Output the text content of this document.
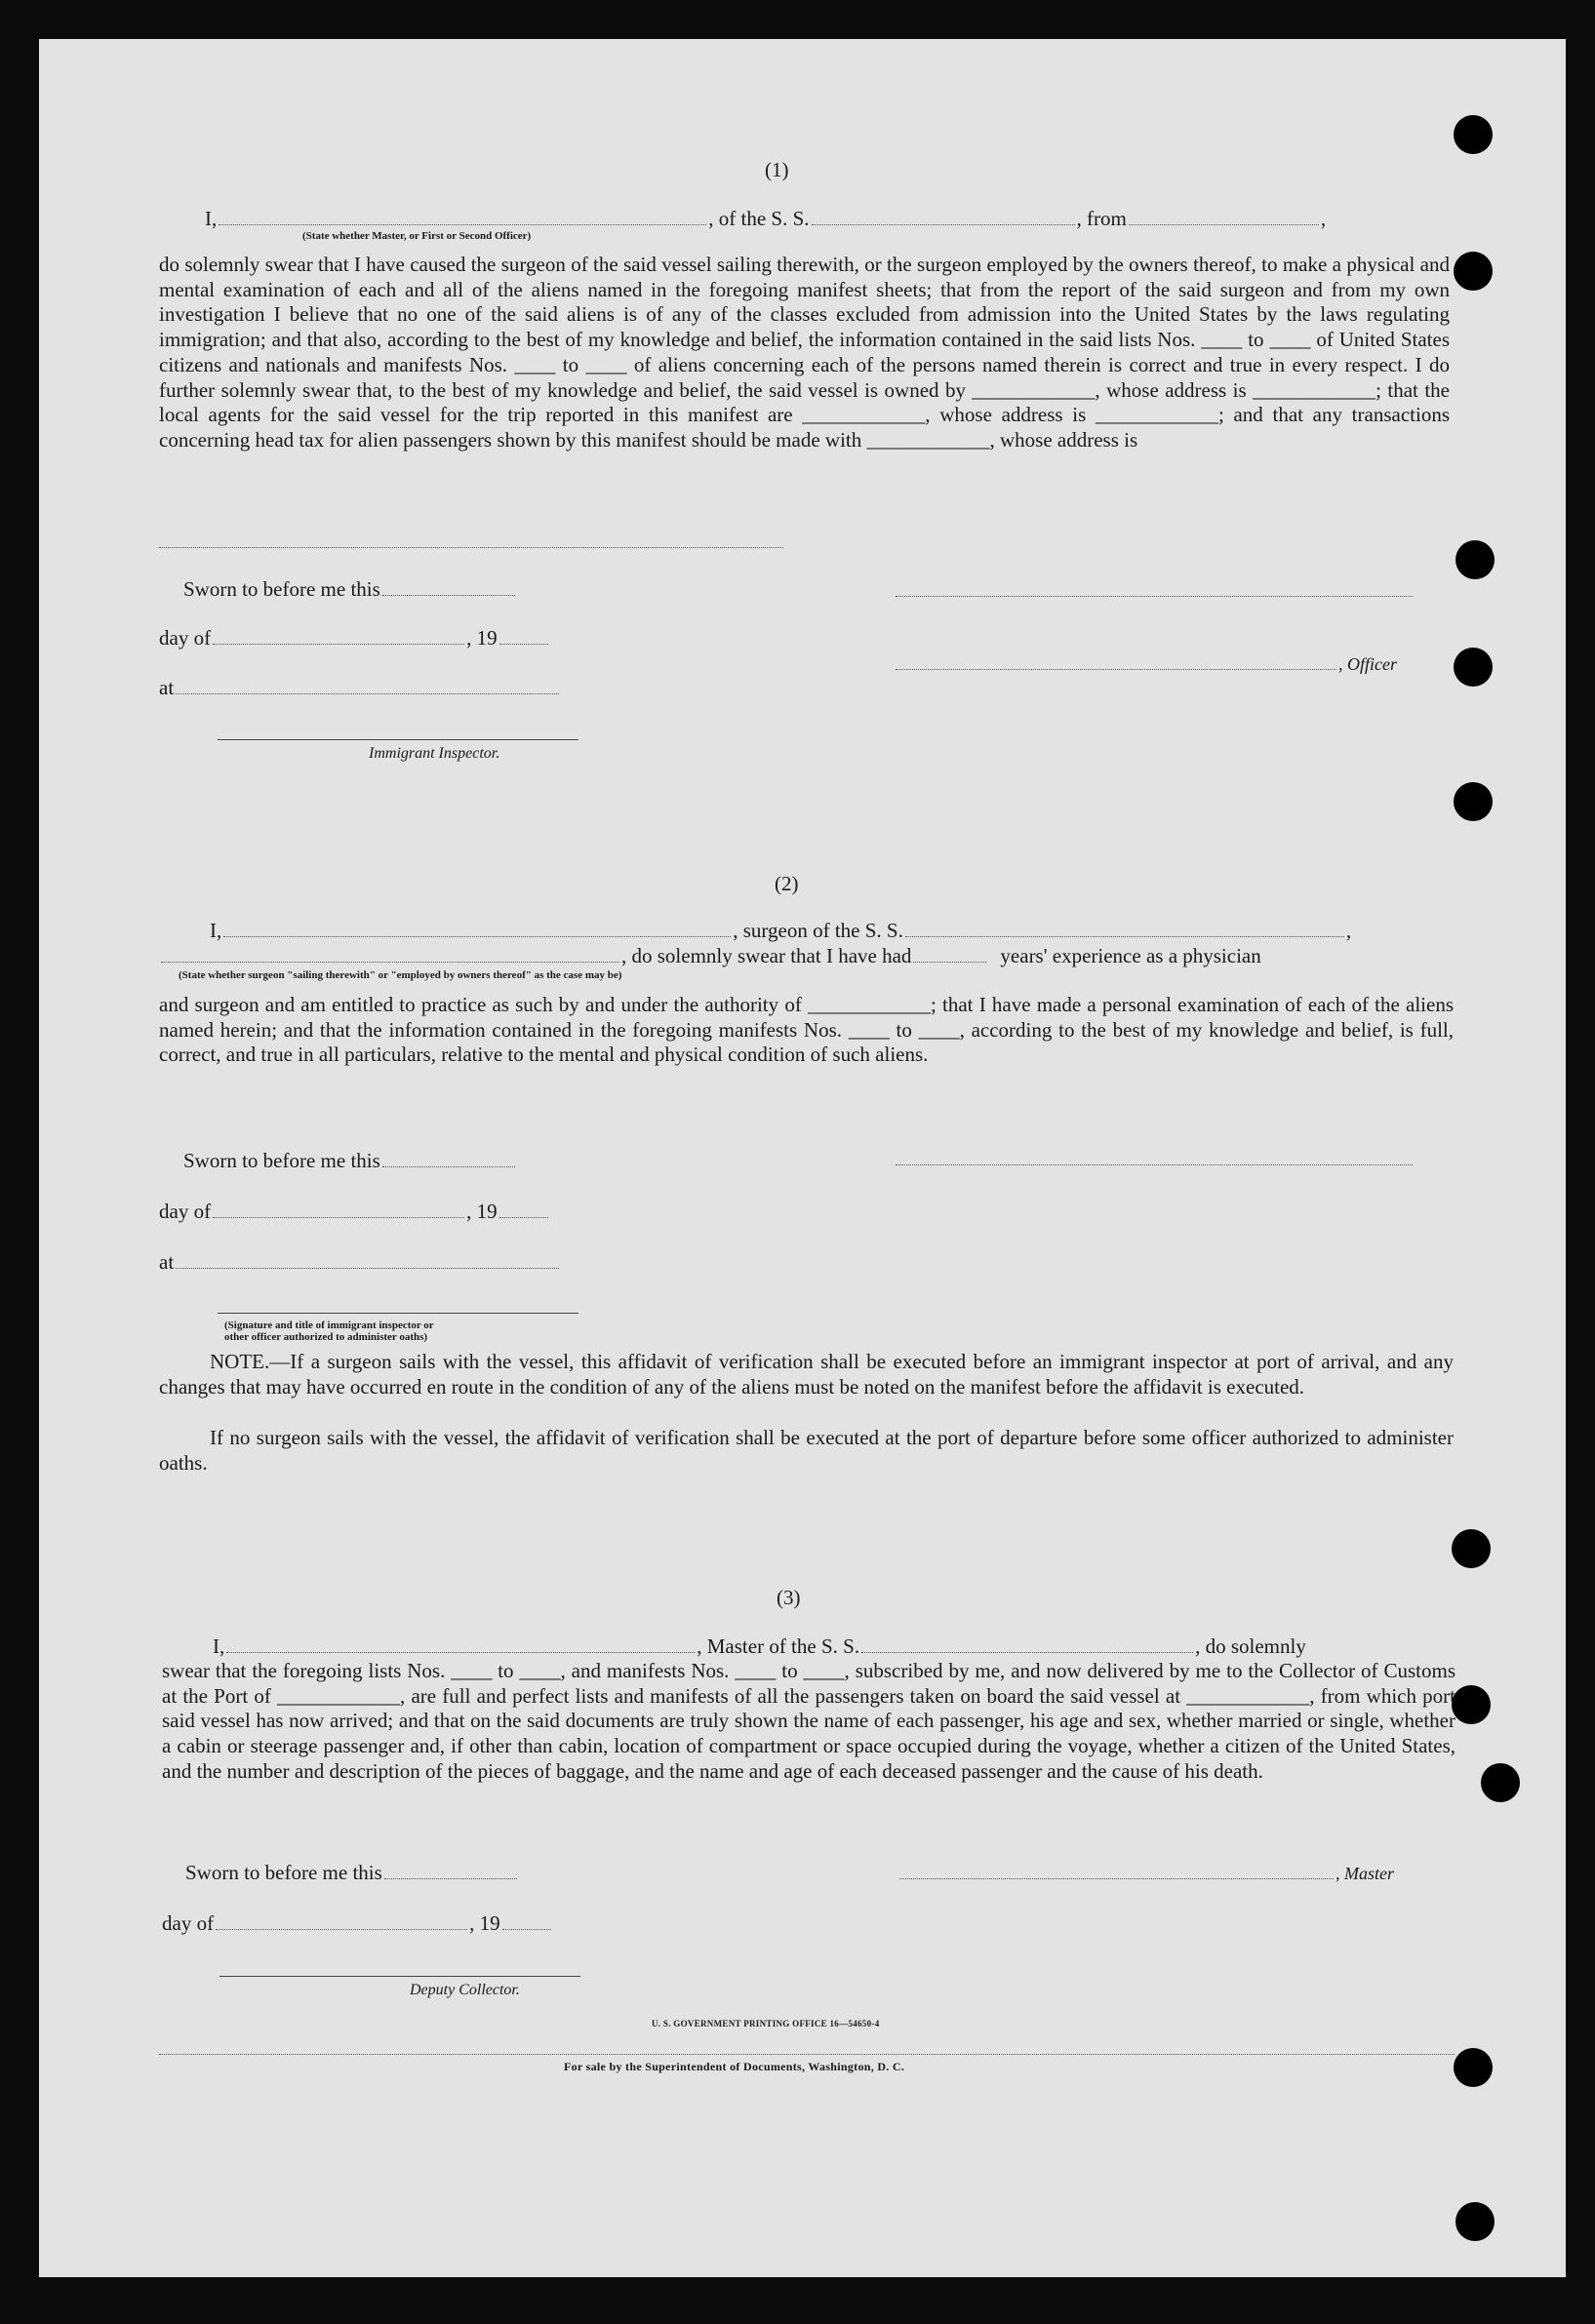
(1)
I,	, of the S. S.	, from	,
(State whether Master, or First or Second Officer)
do solemnly swear that I have caused the surgeon of the said vessel sailing therewith, or the surgeon employed by the owners thereof, to make a physical and mental examination of each and all of the aliens named in the foregoing manifest sheets; that from the report of the said surgeon and from my own investigation I believe that no one of the said aliens is of any of the classes excluded from admission into the United States by the laws regulating immigration; and that also, according to the best of my knowledge and belief, the information contained in the said lists Nos. ____ to ____ of United States citizens and nationals and manifests Nos. ____ to ____ of aliens concerning each of the persons named therein is correct and true in every respect. I do further solemnly swear that, to the best of my knowledge and belief, the said vessel is owned by ____________, whose address is ____________; that the local agents for the said vessel for the trip reported in this manifest are ____________, whose address is ____________; and that any transactions concerning head tax for alien passengers shown by this manifest should be made with ____________, whose address is
Sworn to before me this
day of	, 19
, Officer
at
Immigrant Inspector.
(2)
I,	, surgeon of the S. S.	,
, do solemnly swear that I have had	years' experience as a physician
(State whether surgeon "sailing therewith" or "employed by owners thereof" as the case may be)
and surgeon and am entitled to practice as such by and under the authority of ____________; that I have made a personal examination of each of the aliens named herein; and that the information contained in the foregoing manifests Nos. ____ to ____, according to the best of my knowledge and belief, is full, correct, and true in all particulars, relative to the mental and physical condition of such aliens.
Sworn to before me this
day of	, 19
at
(Signature and title of immigrant inspector or
other officer authorized to administer oaths)
NOTE.—If a surgeon sails with the vessel, this affidavit of verification shall be executed before an immigrant inspector at port of arrival, and any changes that may have occurred en route in the condition of any of the aliens must be noted on the manifest before the affidavit is executed.
If no surgeon sails with the vessel, the affidavit of verification shall be executed at the port of departure before some officer authorized to administer oaths.
(3)
I,	, Master of the S. S.	, do solemnly
swear that the foregoing lists Nos. ____ to ____, and manifests Nos. ____ to ____, subscribed by me, and now delivered by me to the Collector of Customs at the Port of ____________, are full and perfect lists and manifests of all the passengers taken on board the said vessel at ____________, from which port said vessel has now arrived; and that on the said documents are truly shown the name of each passenger, his age and sex, whether married or single, whether a cabin or steerage passenger and, if other than cabin, location of compartment or space occupied during the voyage, whether a citizen of the United States, and the number and description of the pieces of baggage, and the name and age of each deceased passenger and the cause of his death.
Sworn to before me this	, Master
day of	, 19
Deputy Collector.
U. S. GOVERNMENT PRINTING OFFICE 16—54650-4
For sale by the Superintendent of Documents, Washington, D. C.
